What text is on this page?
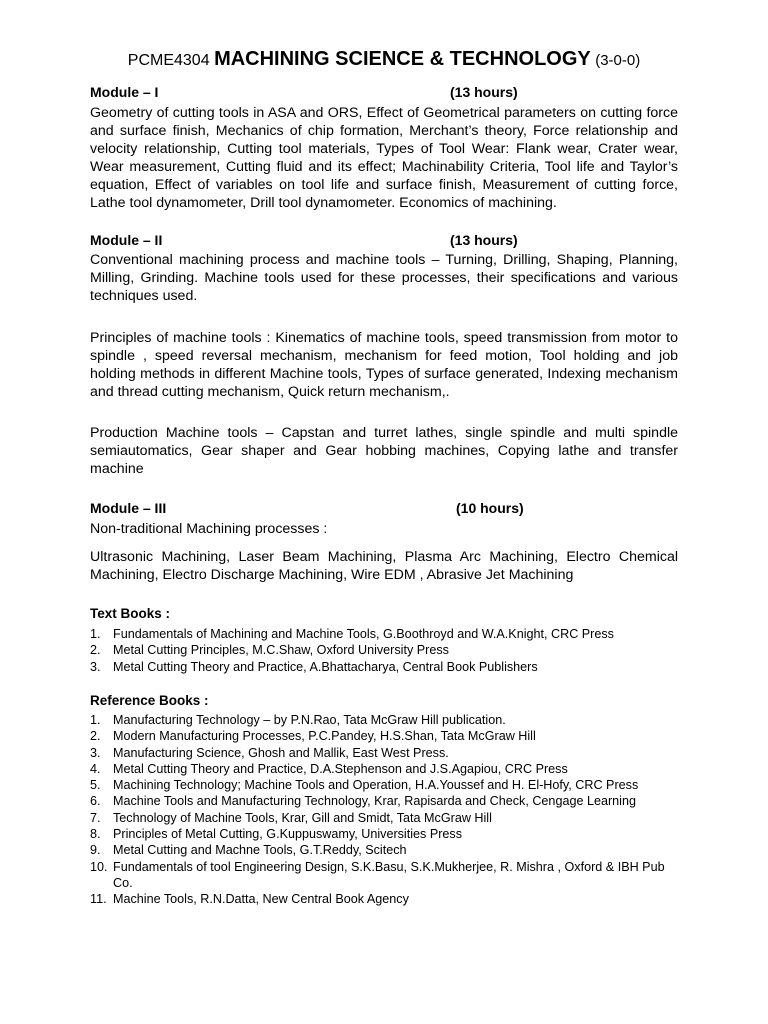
PCME4304 MACHINING SCIENCE & TECHNOLOGY (3-0-0)
Module – I	(13 hours)
Geometry of cutting tools in ASA and ORS, Effect of Geometrical parameters on cutting force and surface finish, Mechanics of chip formation, Merchant’s theory, Force relationship and velocity relationship, Cutting tool materials, Types of Tool Wear: Flank wear, Crater wear, Wear measurement, Cutting fluid and its effect; Machinability Criteria, Tool life and Taylor’s equation, Effect of variables on tool life and surface finish, Measurement of cutting force, Lathe tool dynamometer, Drill tool dynamometer. Economics of machining.
Module – II	(13 hours)
Conventional machining process and machine tools – Turning, Drilling, Shaping, Planning, Milling, Grinding. Machine tools used for these processes, their specifications and various techniques used.
Principles of machine tools : Kinematics of machine tools, speed transmission from motor to spindle , speed reversal mechanism, mechanism for feed motion, Tool holding and job holding methods in different Machine tools, Types of surface generated, Indexing mechanism and thread cutting mechanism, Quick return mechanism,.
Production Machine tools – Capstan and turret lathes, single spindle and multi spindle semiautomatics, Gear shaper and Gear hobbing machines, Copying lathe and transfer machine
Module – III	(10 hours)
Non-traditional Machining processes :
Ultrasonic Machining, Laser Beam Machining, Plasma Arc Machining, Electro Chemical Machining, Electro Discharge Machining, Wire EDM , Abrasive Jet Machining
Text Books :
1. Fundamentals of Machining and Machine Tools, G.Boothroyd and W.A.Knight, CRC Press
2. Metal Cutting Principles, M.C.Shaw, Oxford University Press
3. Metal Cutting Theory and Practice, A.Bhattacharya, Central Book Publishers
Reference Books :
1. Manufacturing Technology – by P.N.Rao, Tata McGraw Hill publication.
2. Modern Manufacturing Processes, P.C.Pandey, H.S.Shan, Tata McGraw Hill
3. Manufacturing Science, Ghosh and Mallik, East West Press.
4. Metal Cutting Theory and Practice, D.A.Stephenson and J.S.Agapiou, CRC Press
5. Machining Technology; Machine Tools and Operation, H.A.Youssef and H. El-Hofy, CRC Press
6. Machine Tools and Manufacturing Technology, Krar, Rapisarda and Check, Cengage Learning
7. Technology of Machine Tools, Krar, Gill and Smidt, Tata McGraw Hill
8. Principles of Metal Cutting, G.Kuppuswamy, Universities Press
9. Metal Cutting and Machne Tools, G.T.Reddy, Scitech
10. Fundamentals of tool Engineering Design, S.K.Basu, S.K.Mukherjee, R. Mishra , Oxford & IBH Pub Co.
11. Machine Tools, R.N.Datta, New Central Book Agency
